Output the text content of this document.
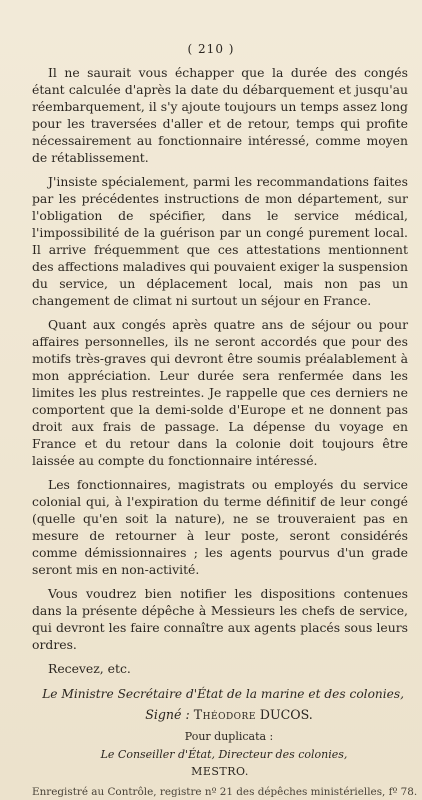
( 210 )

Il ne saurait vous échapper que la durée des congés étant calculée d'après la date du débarquement et jusqu'au réembarquement, il s'y ajoute toujours un temps assez long pour les traversées d'aller et de retour, temps qui profite nécessairement au fonctionnaire intéressé, comme moyen de rétablissement.

J'insiste spécialement, parmi les recommandations faites par les précédentes instructions de mon département, sur l'obligation de spécifier, dans le service médical, l'impossibilité de la guérison par un congé purement local. Il arrive fréquemment que ces attestations mentionnent des affections maladives qui pouvaient exiger la suspension du service, un déplacement local, mais non pas un changement de climat ni surtout un séjour en France.

Quant aux congés après quatre ans de séjour ou pour affaires personnelles, ils ne seront accordés que pour des motifs très-graves qui devront être soumis préalablement à mon appréciation. Leur durée sera renfermée dans les limites les plus restreintes. Je rappelle que ces derniers ne comportent que la demi-solde d'Europe et ne donnent pas droit aux frais de passage. La dépense du voyage en France et du retour dans la colonie doit toujours être laissée au compte du fonctionnaire intéressé.

Les fonctionnaires, magistrats ou employés du service colonial qui, à l'expiration du terme définitif de leur congé (quelle qu'en soit la nature), ne se trouveraient pas en mesure de retourner à leur poste, seront considérés comme démissionnaires ; les agents pourvus d'un grade seront mis en non-activité.

Vous voudrez bien notifier les dispositions contenues dans la présente dépêche à Messieurs les chefs de service, qui devront les faire connaître aux agents placés sous leurs ordres.

Recevez, etc.

Le Ministre Secrétaire d'État de la marine et des colonies,
Signé : Théodore DUCOS.
Pour duplicata :
Le Conseiller d'État, Directeur des colonies,
MESTRO.
Enregistré au Contrôle, registre nº 21 des dépêches ministérielles, fº 78.
